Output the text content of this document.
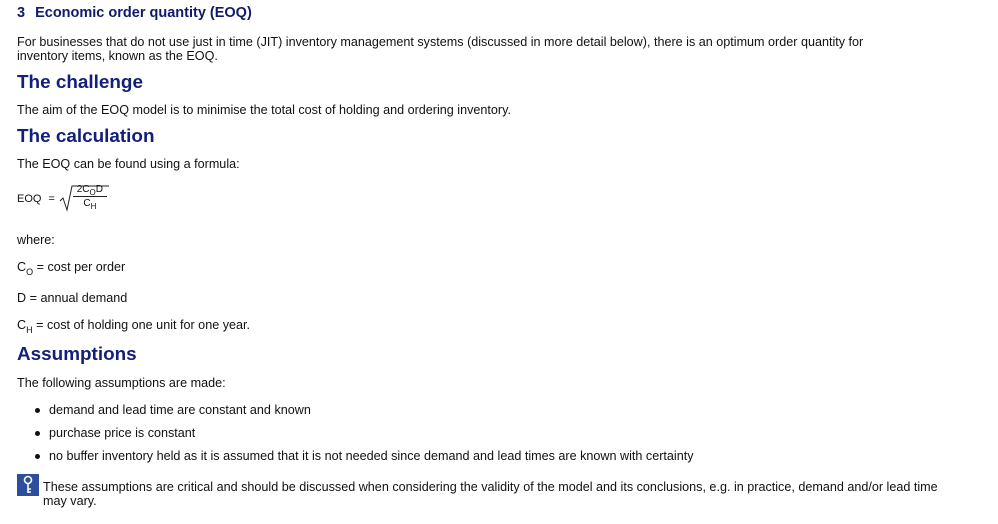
3 Economic order quantity (EOQ)

For businesses that do not use just in time (JIT) inventory management systems (discussed in more detail below), there is an optimum order quantity for inventory items, known as the EOQ.

The challenge

The aim of the EOQ model is to minimise the total cost of holding and ordering inventory.

The calculation

The EOQ can be found using a formula:

EOQ =
$2C_OD$
$C_H$

where:

$C_O = \cos t$ per order

D = annual demand

$C_H = \cos t$ of holding one unit for one year.

Assumptions

The following assumptions are made:

demand and lead time are constant and known
purchase price is constant
no buffer inventory held as it is assumed that it is not needed since demand and lead times are known with certainty
These assumptions are critical and should be discussed when considering the validity of the model and its conclusions, e.g. in practice, demand and/or lead time may vary.
